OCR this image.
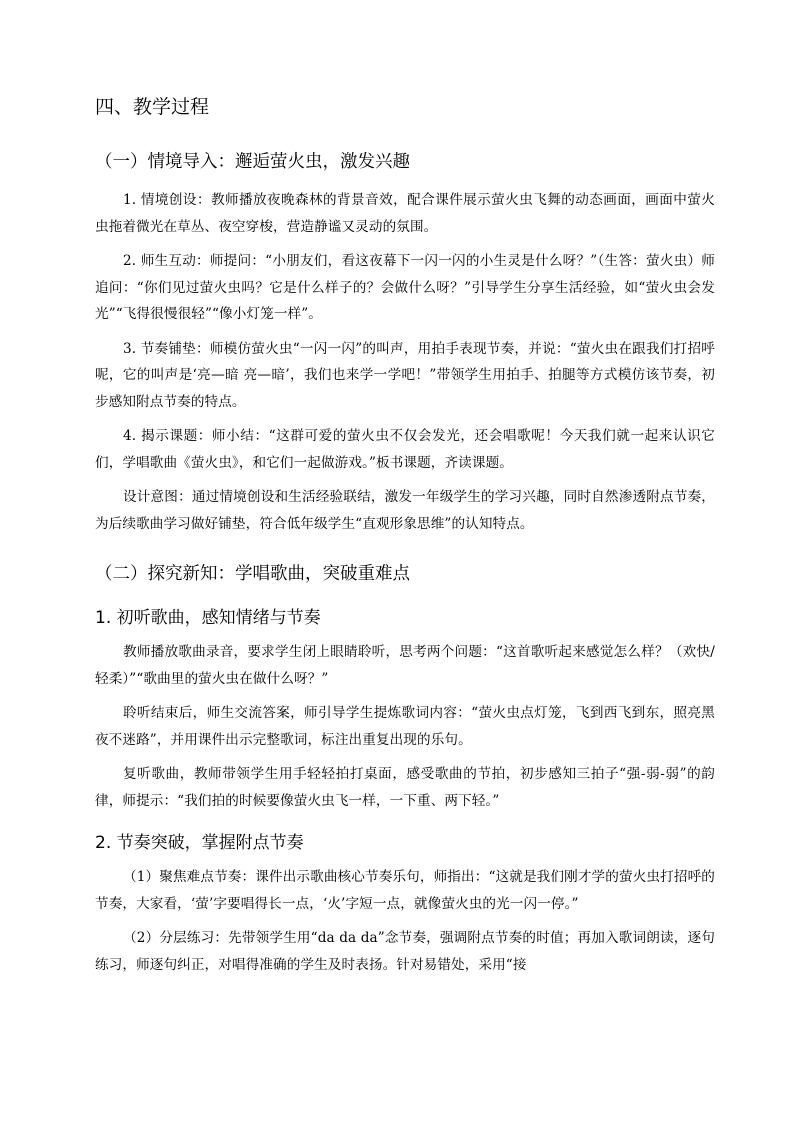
四、教学过程
（一）情境导入：邂逅萤火虫，激发兴趣

1. 情境创设：教师播放夜晚森林的背景音效，配合课件展示萤火虫飞舞的动态画面，画面中萤火虫拖着微光在草丛、夜空穿梭，营造静谧又灵动的氛围。

2. 师生互动：师提问：“小朋友们，看这夜幕下一闪一闪的小生灵是什么呀？”（生答：萤火虫）师追问：“你们见过萤火虫吗？它是什么样子的？会做什么呀？”引导学生分享生活经验，如“萤火虫会发光”“飞得很慢很轻”“像小灯笼一样”。

3. 节奏铺垫：师模仿萤火虫“一闪一闪”的叫声，用拍手表现节奏，并说：“萤火虫在跟我们打招呼呢，它的叫声是‘亮—暗 亮—暗’，我们也来学一学吧！”带领学生用拍手、拍腿等方式模仿该节奏，初步感知附点节奏的特点。

4. 揭示课题：师小结：“这群可爱的萤火虫不仅会发光，还会唱歌呢！今天我们就一起来认识它们，学唱歌曲《萤火虫》，和它们一起做游戏。”板书课题，齐读课题。

设计意图：通过情境创设和生活经验联结，激发一年级学生的学习兴趣，同时自然渗透附点节奏，为后续歌曲学习做好铺垫，符合低年级学生“直观形象思维”的认知特点。

（二）探究新知：学唱歌曲，突破重难点
1. 初听歌曲，感知情绪与节奏

教师播放歌曲录音，要求学生闭上眼睛聆听，思考两个问题：“这首歌听起来感觉怎么样？（欢快/轻柔）”“歌曲里的萤火虫在做什么呀？”

聆听结束后，师生交流答案，师引导学生提炼歌词内容：“萤火虫点灯笼，飞到西飞到东，照亮黑夜不迷路”，并用课件出示完整歌词，标注出重复出现的乐句。

复听歌曲，教师带领学生用手轻轻拍打桌面，感受歌曲的节拍，初步感知三拍子“强-弱-弱”的韵律，师提示：“我们拍的时候要像萤火虫飞一样，一下重、两下轻。”

2. 节奏突破，掌握附点节奏

（1）聚焦难点节奏：课件出示歌曲核心节奏乐句，师指出：“这就是我们刚才学的萤火虫打招呼的节奏，大家看，‘萤’字要唱得长一点，‘火’字短一点，就像萤火虫的光一闪一停。”

（2）分层练习：先带领学生用“da da da”念节奏，强调附点节奏的时值；再加入歌词朗读，逐句练习，师逐句纠正，对唱得准确的学生及时表扬。针对易错处，采用“接
